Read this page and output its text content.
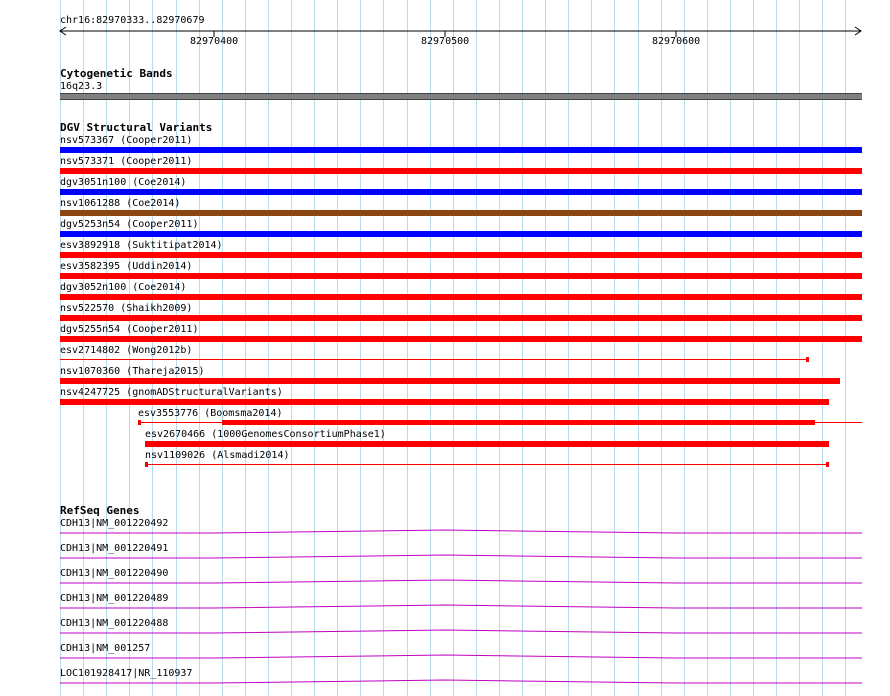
chr16:82970333..82970679
82970400	82970500	82970600
Cytogenetic Bands
16q23.3
DGV Structural Variants
nsv573367 (Cooper2011)
nsv573371 (Cooper2011)
dgv3051n100 (Coe2014)
nsv1061288 (Coe2014)
dgv5253n54 (Cooper2011)
esv3892918 (Suktitipat2014)
esv3582395 (Uddin2014)
dgv3052n100 (Coe2014)
nsv522570 (Shaikh2009)
dgv5255n54 (Cooper2011)
esv2714802 (Wong2012b)
nsv1070360 (Thareja2015)
nsv4247725 (gnomADStructuralVariants)
esv3553776 (Boomsma2014)
esv2670466 (1000GenomesConsortiumPhase1)
nsv1109026 (Alsmadi2014)
RefSeq Genes
CDH13|NM_001220492
CDH13|NM_001220491
CDH13|NM_001220490
CDH13|NM_001220489
CDH13|NM_001220488
CDH13|NM_001257
LOC101928417|NR_110937
